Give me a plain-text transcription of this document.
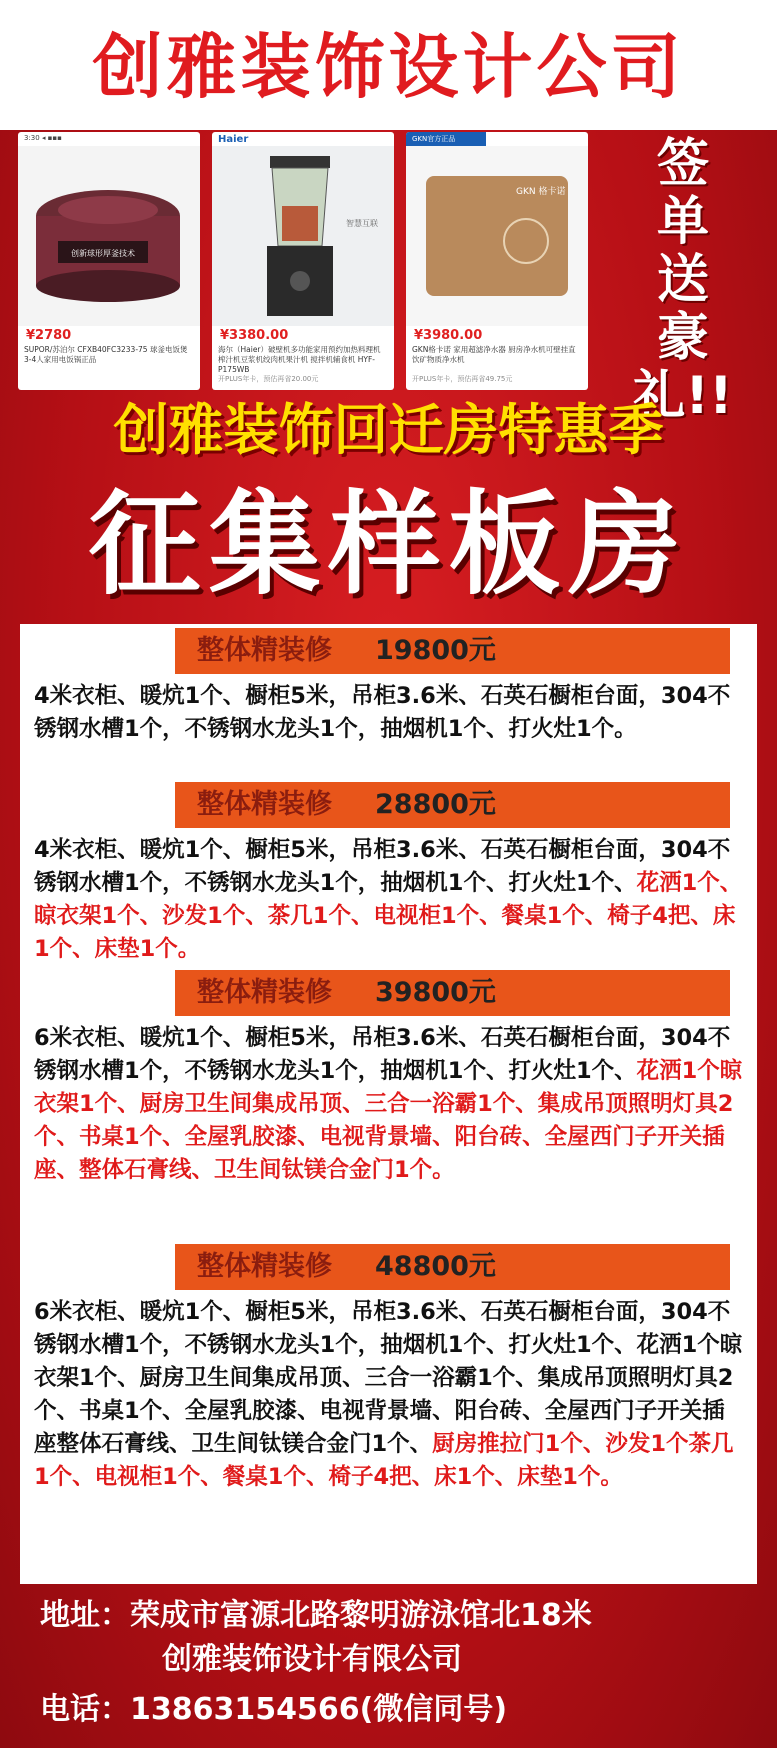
创雅装饰设计公司
3:30 ◂ ▪▪▪
创新球形厚釜技术
¥2780
SUPOR/苏泊尔 CFXB40FC3233-75 球釜电饭煲3-4人家用电饭锅正品
Haier
智慧互联
¥3380.00
海尔（Haier）破壁机多功能家用预约加热料理机 榨汁机豆浆机绞肉机果汁机 搅拌机辅食机 HYF-P175WB
开PLUS年卡，预估再省20.00元
GKN官方正品
GKN 格卡诺
¥3980.00
GKN格卡诺 家用超滤净水器 厨房净水机可壁挂直饮矿物质净水机
开PLUS年卡，预估再省49.75元
签
单
送
豪
礼!!
创雅装饰回迁房特惠季
征集样板房
整体精装修 19800元
4米衣柜、暖炕1个、橱柜5米，吊柜3.6米、石英石橱柜台面，304不锈钢水槽1个，不锈钢水龙头1个，抽烟机1个、打火灶1个。
整体精装修 28800元
4米衣柜、暖炕1个、橱柜5米，吊柜3.6米、石英石橱柜台面，304不锈钢水槽1个，不锈钢水龙头1个，抽烟机1个、打火灶1个、花洒1个、晾衣架1个、沙发1个、茶几1个、电视柜1个、餐桌1个、椅子4把、床1个、床垫1个。
整体精装修 39800元
6米衣柜、暖炕1个、橱柜5米，吊柜3.6米、石英石橱柜台面，304不锈钢水槽1个，不锈钢水龙头1个，抽烟机1个、打火灶1个、花洒1个晾衣架1个、厨房卫生间集成吊顶、三合一浴霸1个、集成吊顶照明灯具2个、书桌1个、全屋乳胶漆、电视背景墙、阳台砖、全屋西门子开关插座、整体石膏线、卫生间钛镁合金门1个。
整体精装修 48800元
6米衣柜、暖炕1个、橱柜5米，吊柜3.6米、石英石橱柜台面，304不锈钢水槽1个，不锈钢水龙头1个，抽烟机1个、打火灶1个、花洒1个晾衣架1个、厨房卫生间集成吊顶、三合一浴霸1个、集成吊顶照明灯具2个、书桌1个、全屋乳胶漆、电视背景墙、阳台砖、全屋西门子开关插座整体石膏线、卫生间钛镁合金门1个、厨房推拉门1个、沙发1个茶几1个、电视柜1个、餐桌1个、椅子4把、床1个、床垫1个。
地址：荣成市富源北路黎明游泳馆北18米
创雅装饰设计有限公司
电话：13863154566(微信同号)
